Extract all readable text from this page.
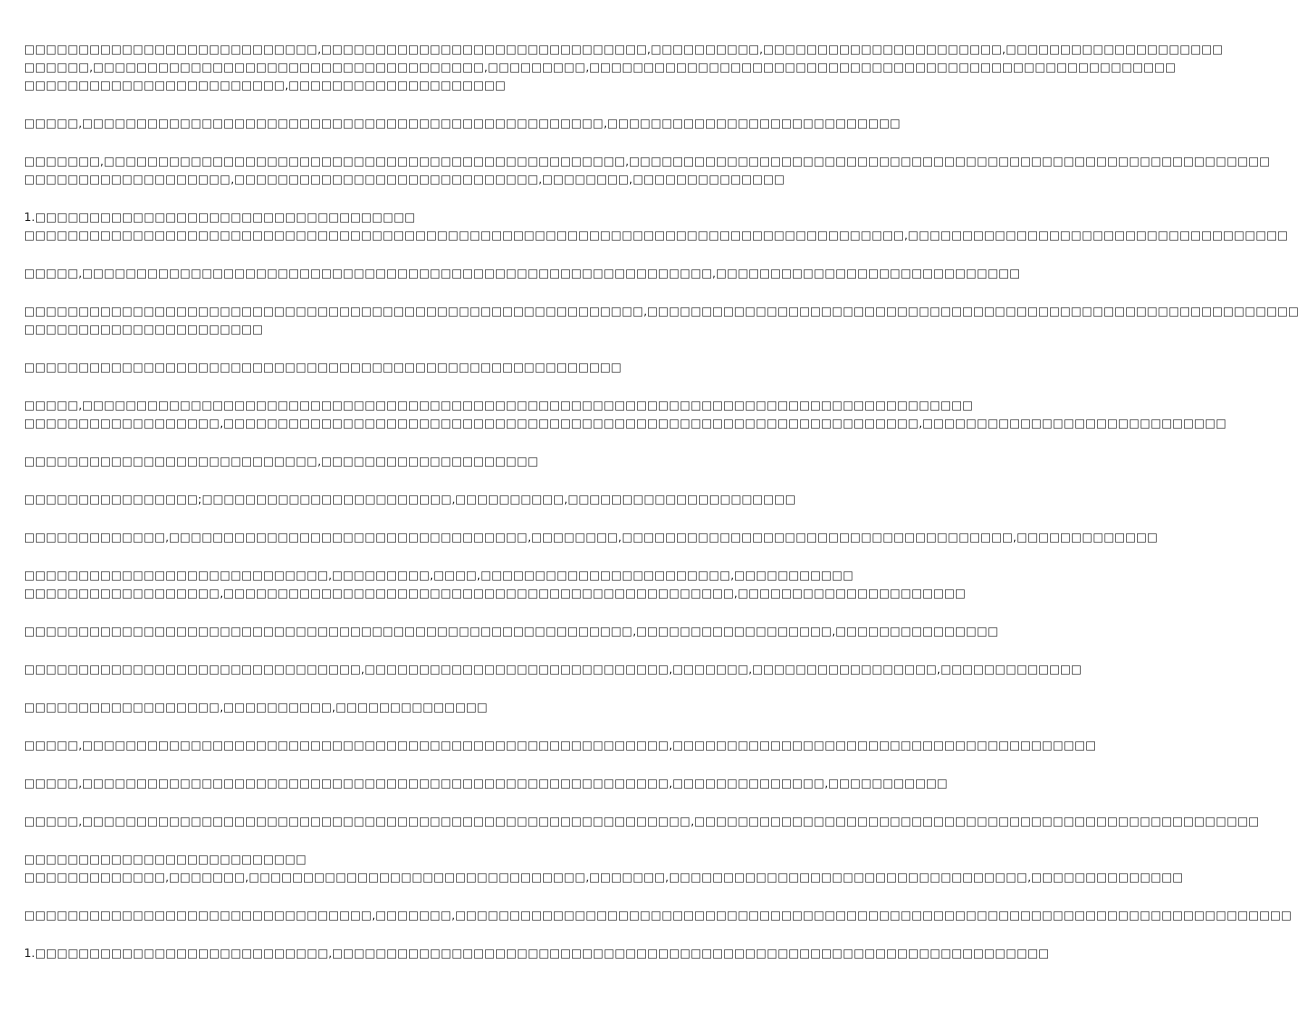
□□□□□□□□□□□□□□□□□□□□□□□□□□□,□□□□□□□□□□□□□□□□□□□□□□□□□□□□□□,□□□□□□□□□□,□□□□□□□□□□□□□□□□□□□□□□,□□□□□□□□□□□□□□□□□□□□
□□□□□□,□□□□□□□□□□□□□□□□□□□□□□□□□□□□□□□□□□□□,□□□□□□□□□,□□□□□□□□□□□□□□□□□□□□□□□□□□□□□□□□□□□□□□□□□□□□□□□□□□□□□□
□□□□□□□□□□□□□□□□□□□□□□□□,□□□□□□□□□□□□□□□□□□□□
□□□□□,□□□□□□□□□□□□□□□□□□□□□□□□□□□□□□□□□□□□□□□□□□□□□□□□,□□□□□□□□□□□□□□□□□□□□□□□□□□□
□□□□□□□,□□□□□□□□□□□□□□□□□□□□□□□□□□□□□□□□□□□□□□□□□□□□□□□□,□□□□□□□□□□□□□□□□□□□□□□□□□□□□□□□□□□□□□□□□□□□□□□□□□□□□□□□□□□□
□□□□□□□□□□□□□□□□□□□,□□□□□□□□□□□□□□□□□□□□□□□□□□□□,□□□□□□□□,□□□□□□□□□□□□□□
1.□□□□□□□□□□□□□□□□□□□□□□□□□□□□□□□□□□□
□□□□□□□□□□□□□□□□□□□□□□□□□□□□□□□□□□□□□□□□□□□□□□□□□□□□□□□□□□□□□□□□□□□□□□□□□□□□□□□□□,□□□□□□□□□□□□□□□□□□□□□□□□□□□□□□□□□□□
□□□□□,□□□□□□□□□□□□□□□□□□□□□□□□□□□□□□□□□□□□□□□□□□□□□□□□□□□□□□□□□□,□□□□□□□□□□□□□□□□□□□□□□□□□□□□
□□□□□□□□□□□□□□□□□□□□□□□□□□□□□□□□□□□□□□□□□□□□□□□□□□□□□□□□□,□□□□□□□□□□□□□□□□□□□□□□□□□□□□□□□□□□□□□□□□□□□□□□□□□□□□□□□□□□□□
□□□□□□□□□□□□□□□□□□□□□□
□□□□□□□□□□□□□□□□□□□□□□□□□□□□□□□□□□□□□□□□□□□□□□□□□□□□□□□
□□□□□,□□□□□□□□□□□□□□□□□□□□□□□□□□□□□□□□□□□□□□□□□□□□□□□□□□□□□□□□□□□□□□□□□□□□□□□□□□□□□□□□□□
□□□□□□□□□□□□□□□□□□,□□□□□□□□□□□□□□□□□□□□□□□□□□□□□□□□□□□□□□□□□□□□□□□□□□□□□□□□□□□□□□□□,□□□□□□□□□□□□□□□□□□□□□□□□□□□□
□□□□□□□□□□□□□□□□□□□□□□□□□□□,□□□□□□□□□□□□□□□□□□□□
□□□□□□□□□□□□□□□□;□□□□□□□□□□□□□□□□□□□□□□□,□□□□□□□□□□,□□□□□□□□□□□□□□□□□□□□□
□□□□□□□□□□□□□,□□□□□□□□□□□□□□□□□□□□□□□□□□□□□□□□□,□□□□□□□□,□□□□□□□□□□□□□□□□□□□□□□□□□□□□□□□□□□□□,□□□□□□□□□□□□□
□□□□□□□□□□□□□□□□□□□□□□□□□□□□,□□□□□□□□□,□□□□,□□□□□□□□□□□□□□□□□□□□□□□,□□□□□□□□□□□
□□□□□□□□□□□□□□□□□□,□□□□□□□□□□□□□□□□□□□□□□□□□□□□□□□□□□□□□□□□□□□□□□□,□□□□□□□□□□□□□□□□□□□□□
□□□□□□□□□□□□□□□□□□□□□□□□□□□□□□□□□□□□□□□□□□□□□□□□□□□□□□□□,□□□□□□□□□□□□□□□□□□,□□□□□□□□□□□□□□□
□□□□□□□□□□□□□□□□□□□□□□□□□□□□□□□,□□□□□□□□□□□□□□□□□□□□□□□□□□□□,□□□□□□□,□□□□□□□□□□□□□□□□□,□□□□□□□□□□□□□
□□□□□□□□□□□□□□□□□□,□□□□□□□□□□,□□□□□□□□□□□□□□
□□□□□,□□□□□□□□□□□□□□□□□□□□□□□□□□□□□□□□□□□□□□□□□□□□□□□□□□□□□□,□□□□□□□□□□□□□□□□□□□□□□□□□□□□□□□□□□□□□□□
□□□□□,□□□□□□□□□□□□□□□□□□□□□□□□□□□□□□□□□□□□□□□□□□□□□□□□□□□□□□,□□□□□□□□□□□□□□,□□□□□□□□□□□
□□□□□,□□□□□□□□□□□□□□□□□□□□□□□□□□□□□□□□□□□□□□□□□□□□□□□□□□□□□□□□,□□□□□□□□□□□□□□□□□□□□□□□□□□□□□□□□□□□□□□□□□□□□□□□□□□□□
□□□□□□□□□□□□□□□□□□□□□□□□□□
□□□□□□□□□□□□□,□□□□□□□,□□□□□□□□□□□□□□□□□□□□□□□□□□□□□□□,□□□□□□□,□□□□□□□□□□□□□□□□□□□□□□□□□□□□□□□□□,□□□□□□□□□□□□□□
□□□□□□□□□□□□□□□□□□□□□□□□□□□□□□□□,□□□□□□□,□□□□□□□□□□□□□□□□□□□□□□□□□□□□□□□□□□□□□□□□□□□□□□□□□□□□□□□□□□□□□□□□□□□□□□□□□□□□□
1.□□□□□□□□□□□□□□□□□□□□□□□□□□□,□□□□□□□□□□□□□□□□□□□□□□□□□□□□□□□□□□□□□□□□□□□□□□□□□□□□□□□□□□□□□□□□□□
